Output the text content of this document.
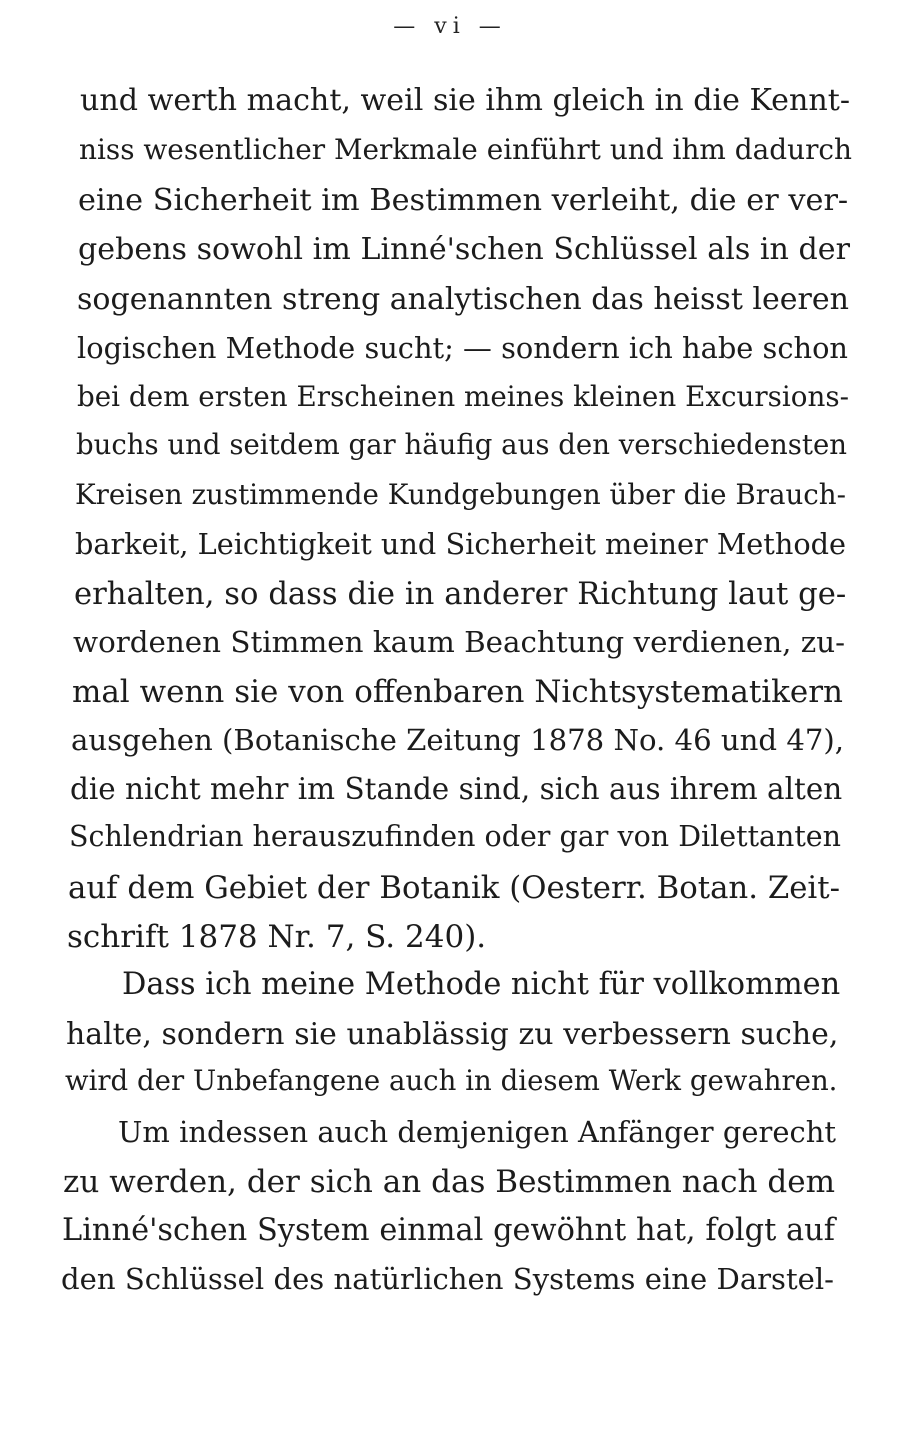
— vi —
und werth macht, weil sie ihm gleich in die Kennt-
niss wesentlicher Merkmale einführt und ihm dadurch
eine Sicherheit im Bestimmen verleiht, die er ver-
gebens sowohl im Linné'schen Schlüssel als in der
sogenannten streng analytischen das heisst leeren
logischen Methode sucht; — sondern ich habe schon
bei dem ersten Erscheinen meines kleinen Excursions-
buchs und seitdem gar häufig aus den verschiedensten
Kreisen zustimmende Kundgebungen über die Brauch-
barkeit, Leichtigkeit und Sicherheit meiner Methode
erhalten, so dass die in anderer Richtung laut ge-
wordenen Stimmen kaum Beachtung verdienen, zu-
mal wenn sie von offenbaren Nichtsystematikern
ausgehen (Botanische Zeitung 1878 No. 46 und 47),
die nicht mehr im Stande sind, sich aus ihrem alten
Schlendrian herauszufinden oder gar von Dilettanten
auf dem Gebiet der Botanik (Oesterr. Botan. Zeit-
schrift 1878 Nr. 7, S. 240).
Dass ich meine Methode nicht für vollkommen
halte, sondern sie unablässig zu verbessern suche,
wird der Unbefangene auch in diesem Werk gewahren.
Um indessen auch demjenigen Anfänger gerecht
zu werden, der sich an das Bestimmen nach dem
Linné'schen System einmal gewöhnt hat, folgt auf
den Schlüssel des natürlichen Systems eine Darstel-
